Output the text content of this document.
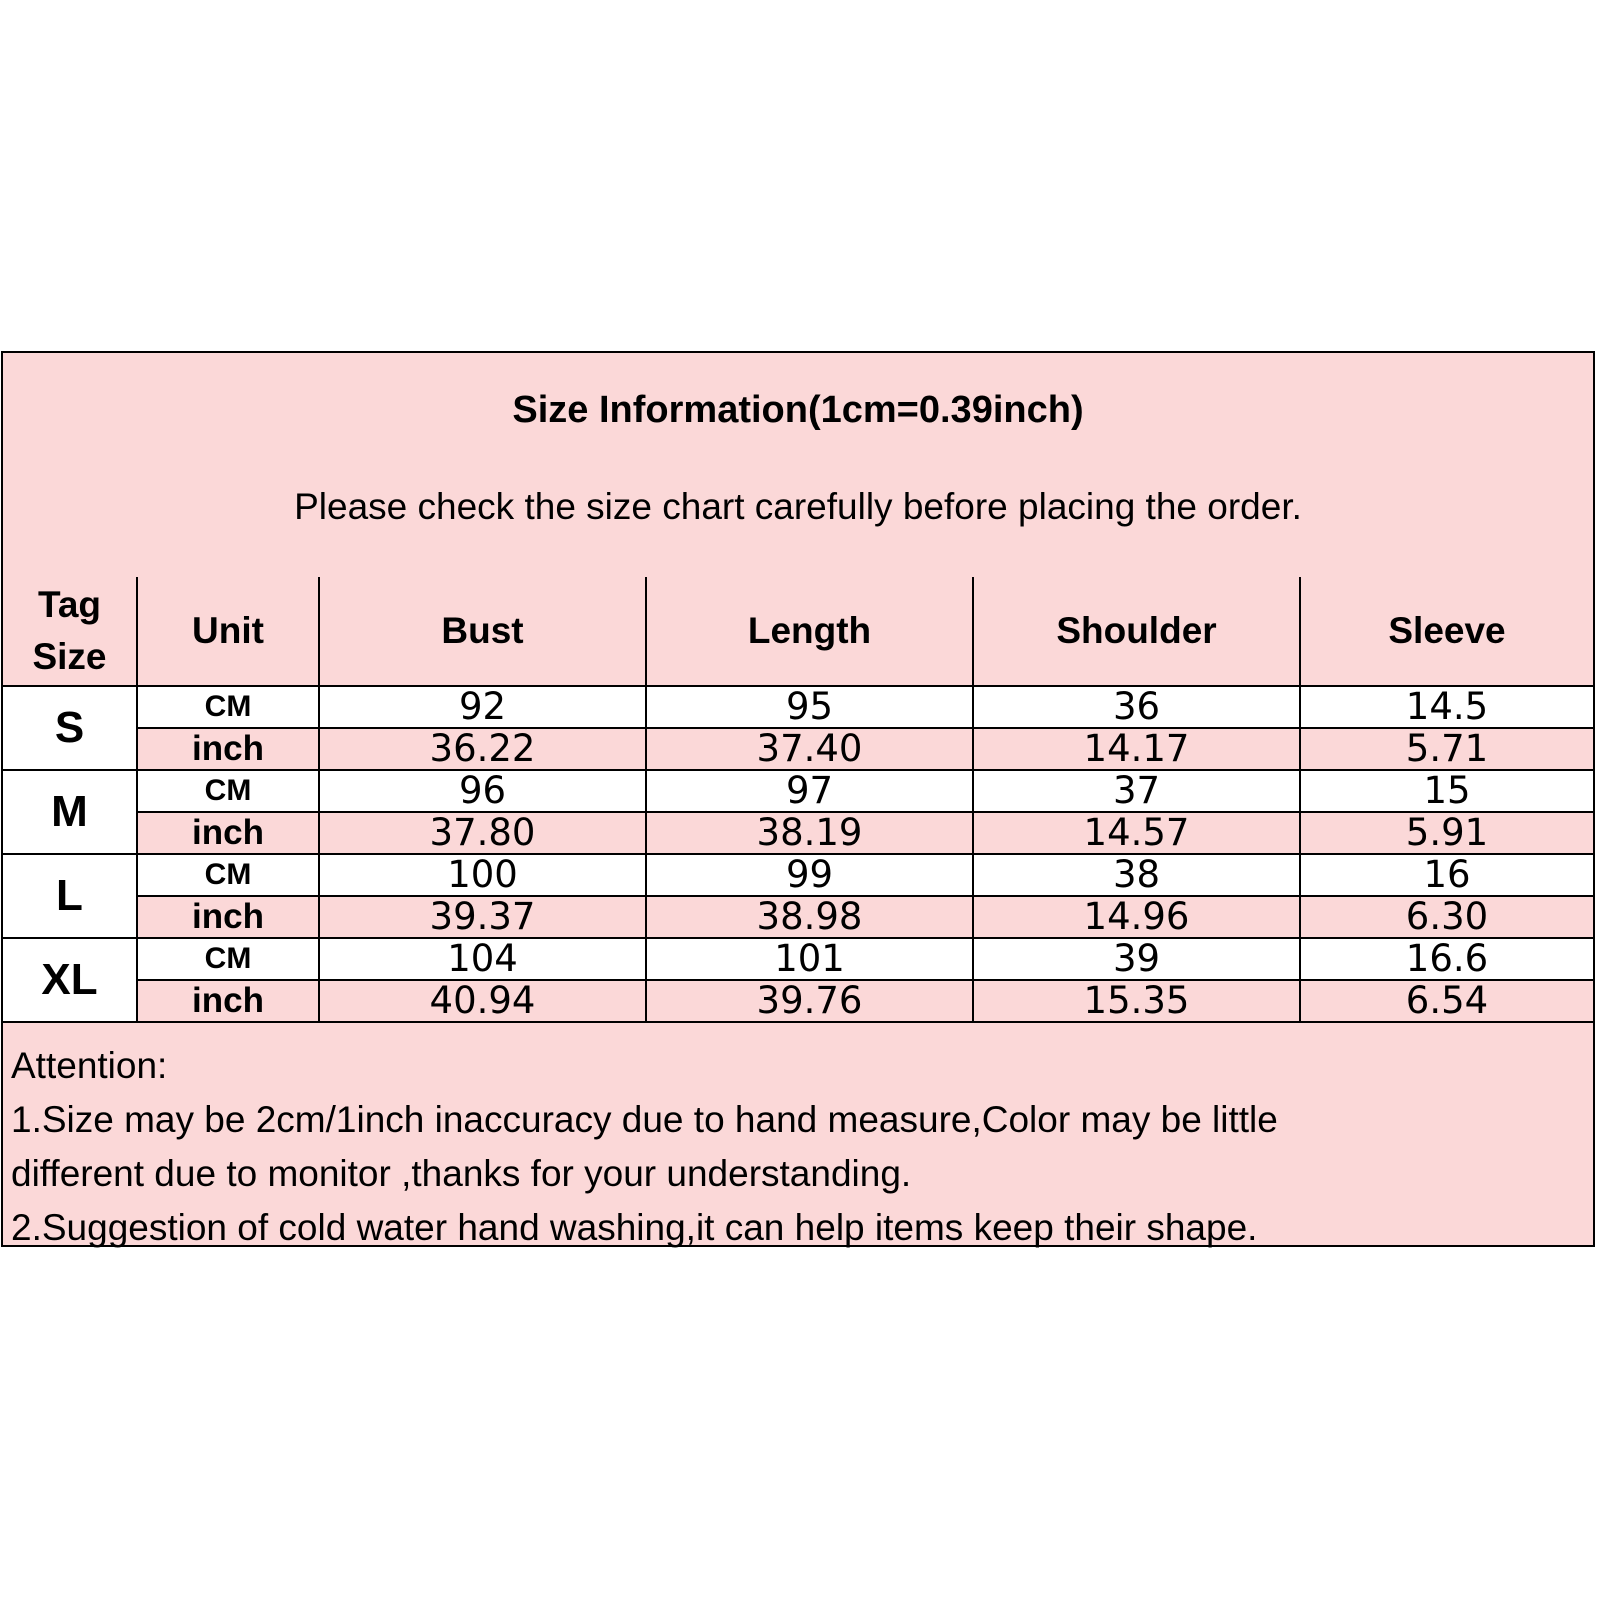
Size Information(1cm=0.39inch)
Please check the size chart carefully before placing the order.
Tag
Size	Unit	Bust	Length	Shoulder	Sleeve
S	CM	92	95	36	14.5
	inch	36.22	37.40	14.17	5.71
M	CM	96	97	37	15
	inch	37.80	38.19	14.57	5.91
L	CM	100	99	38	16
	inch	39.37	38.98	14.96	6.30
XL	CM	104	101	39	16.6
	inch	40.94	39.76	15.35	6.54
Attention:
1.Size may be 2cm/1inch inaccuracy due to hand measure,Color may be little
different due to monitor ,thanks for your understanding.
2.Suggestion of cold water hand washing,it can help items keep their shape.
